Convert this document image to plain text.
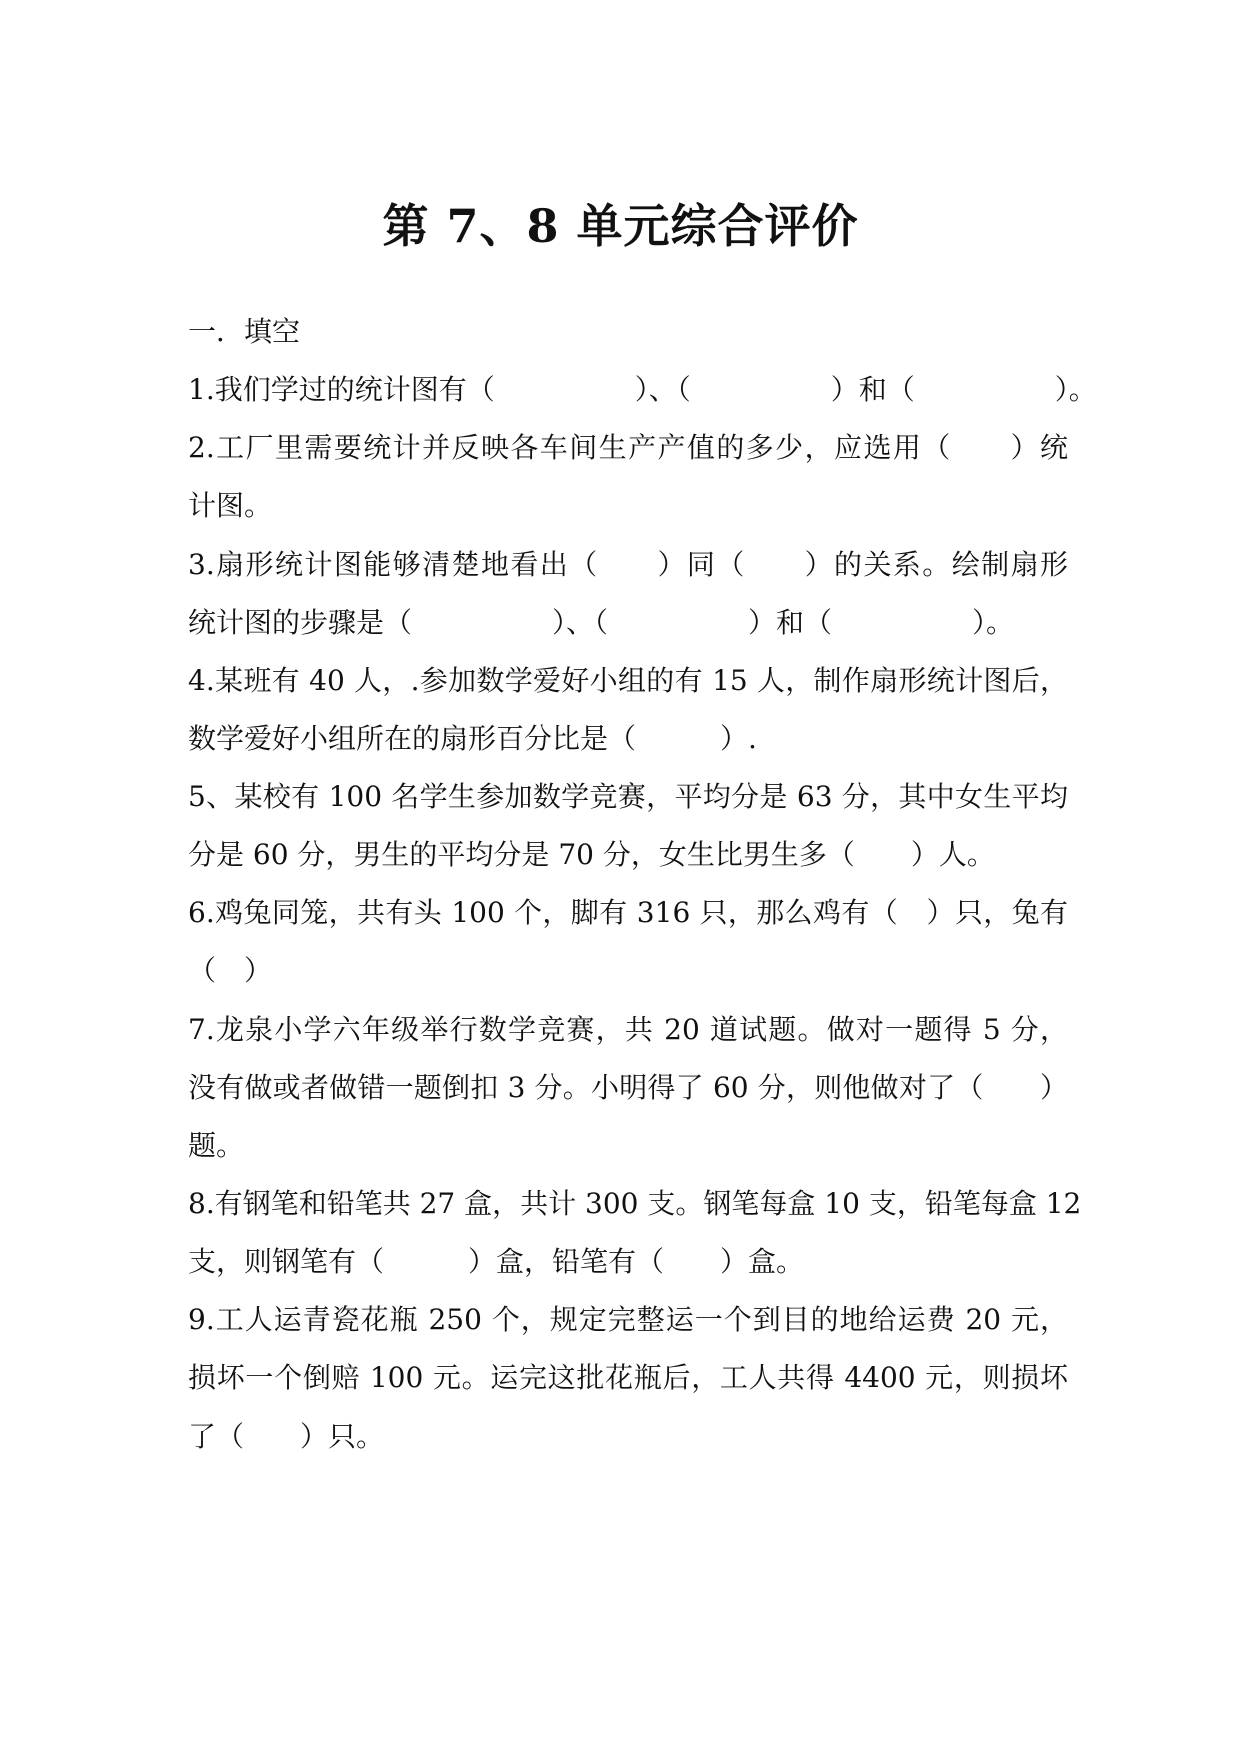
第 7、8 单元综合评价
一．填空
1.我们学过的统计图有（　　　　　）、（　　　　　）和（　　　　　）。
2.工厂里需要统计并反映各车间生产产值的多少，应选用（　　）统
计图。
3.扇形统计图能够清楚地看出（　　）同（　　）的关系。绘制扇形
统计图的步骤是（　　　　　）、（　　　　　）和（　　　　　）。
4.某班有 40 人，.参加数学爱好小组的有 15 人，制作扇形统计图后，
数学爱好小组所在的扇形百分比是（　　　）.
5、某校有 100 名学生参加数学竞赛，平均分是 63 分，其中女生平均
分是 60 分，男生的平均分是 70 分，女生比男生多（　　）人。
6.鸡兔同笼，共有头 100 个，脚有 316 只，那么鸡有（　）只，兔有
（　）
7.龙泉小学六年级举行数学竞赛，共 20 道试题。做对一题得 5 分，
没有做或者做错一题倒扣 3 分。小明得了 60 分，则他做对了（　　）
题。
8.有钢笔和铅笔共 27 盒，共计 300 支。钢笔每盒 10 支，铅笔每盒 12
支，则钢笔有（　　　）盒，铅笔有（　　）盒。
9.工人运青瓷花瓶 250 个，规定完整运一个到目的地给运费 20 元，
损坏一个倒赔 100 元。运完这批花瓶后，工人共得 4400 元，则损坏
了（　　）只。
